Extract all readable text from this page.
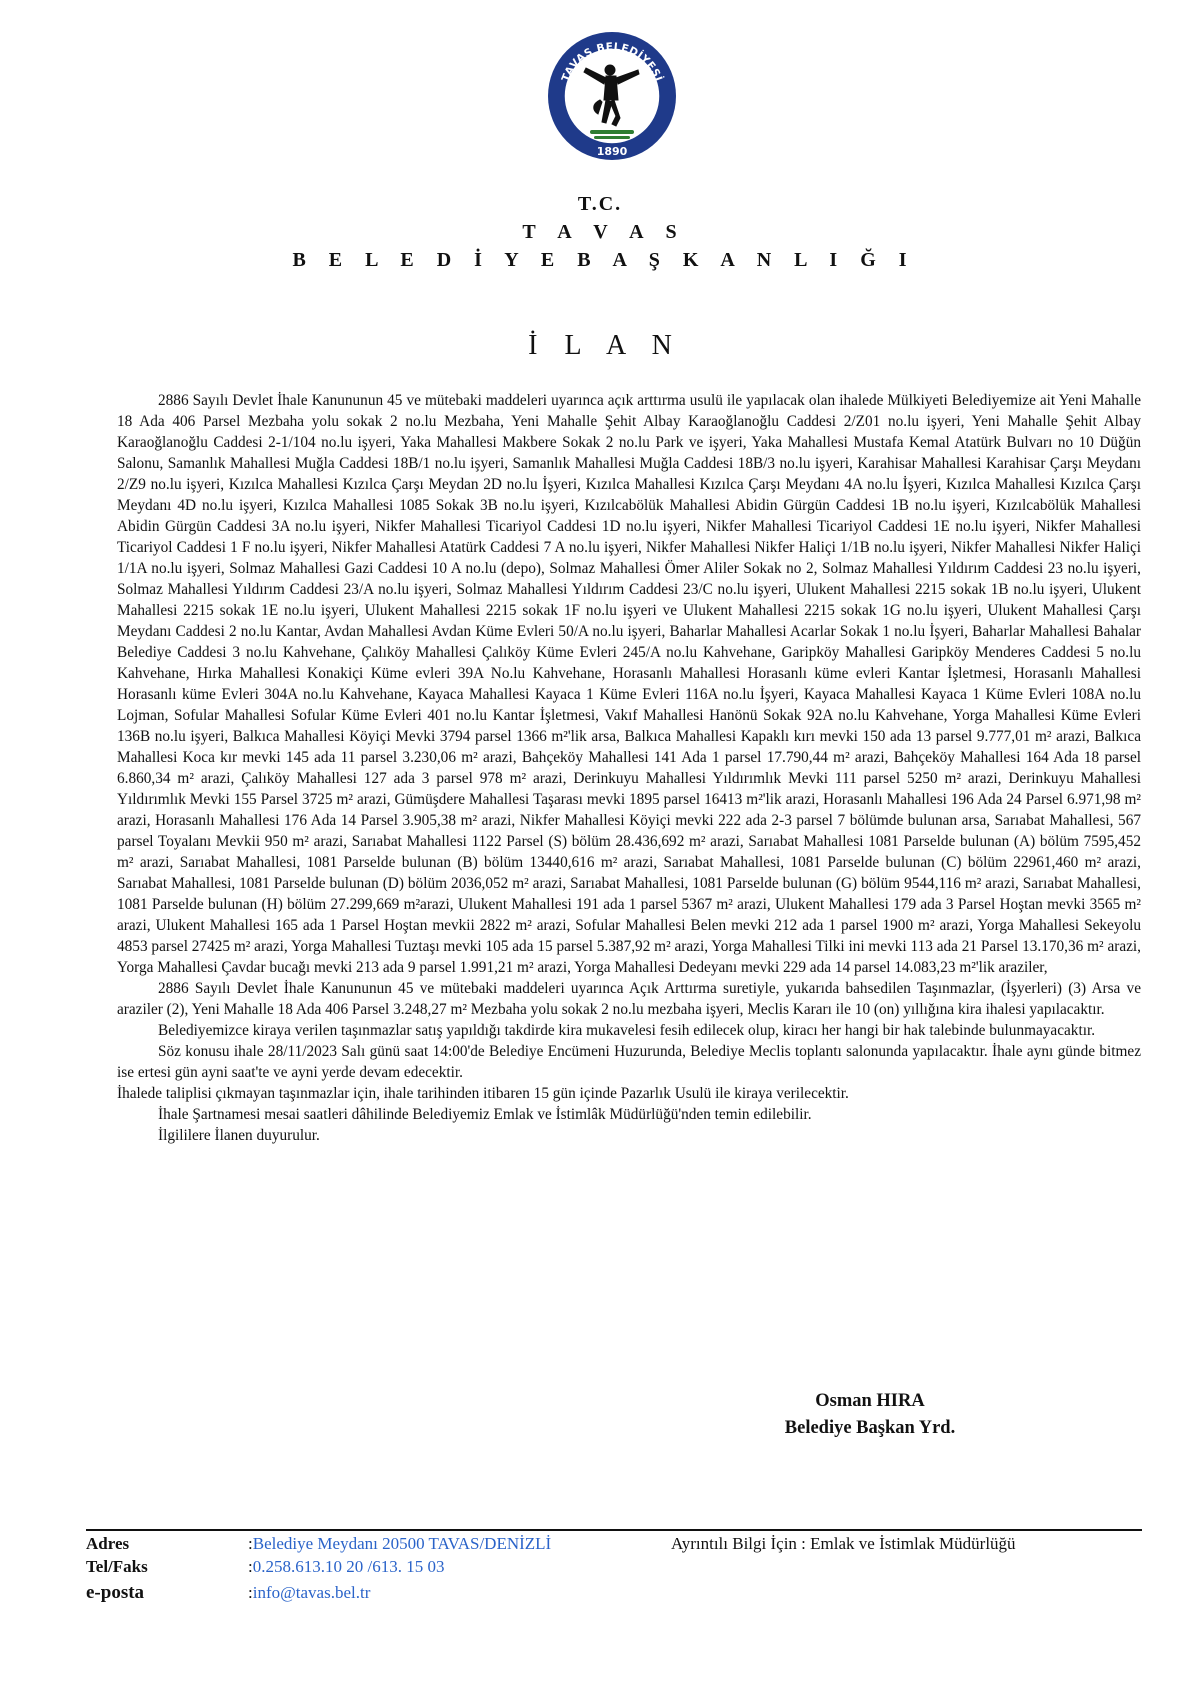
TAVAS BELEDİYESİ
1890
T.C.
T A V A S
B E L E D İ Y E B A Ş K A N L I Ğ I
İ L A N

2886 Sayılı Devlet İhale Kanununun 45 ve mütebaki maddeleri uyarınca açık arttırma usulü ile yapılacak olan ihalede Mülkiyeti Belediyemize ait Yeni Mahalle 18 Ada 406 Parsel Mezbaha yolu sokak 2 no.lu Mezbaha, Yeni Mahalle Şehit Albay Karaoğlanoğlu Caddesi 2/Z01 no.lu işyeri, Yeni Mahalle Şehit Albay Karaoğlanoğlu Caddesi 2-1/104 no.lu işyeri, Yaka Mahallesi Makbere Sokak 2 no.lu Park ve işyeri, Yaka Mahallesi Mustafa Kemal Atatürk Bulvarı no 10 Düğün Salonu, Samanlık Mahallesi Muğla Caddesi 18B/1 no.lu işyeri, Samanlık Mahallesi Muğla Caddesi 18B/3 no.lu işyeri, Karahisar Mahallesi Karahisar Çarşı Meydanı 2/Z9 no.lu işyeri, Kızılca Mahallesi Kızılca Çarşı Meydan 2D no.lu İşyeri, Kızılca Mahallesi Kızılca Çarşı Meydanı 4A no.lu İşyeri, Kızılca Mahallesi Kızılca Çarşı Meydanı 4D no.lu işyeri, Kızılca Mahallesi 1085 Sokak 3B no.lu işyeri, Kızılcabölük Mahallesi Abidin Gürgün Caddesi 1B no.lu işyeri, Kızılcabölük Mahallesi Abidin Gürgün Caddesi 3A no.lu işyeri, Nikfer Mahallesi Ticariyol Caddesi 1D no.lu işyeri, Nikfer Mahallesi Ticariyol Caddesi 1E no.lu işyeri, Nikfer Mahallesi Ticariyol Caddesi 1 F no.lu işyeri, Nikfer Mahallesi Atatürk Caddesi 7 A no.lu işyeri, Nikfer Mahallesi Nikfer Haliçi 1/1B no.lu işyeri, Nikfer Mahallesi Nikfer Haliçi 1/1A no.lu işyeri, Solmaz Mahallesi Gazi Caddesi 10 A no.lu (depo), Solmaz Mahallesi Ömer Aliler Sokak no 2, Solmaz Mahallesi Yıldırım Caddesi 23 no.lu işyeri, Solmaz Mahallesi Yıldırım Caddesi 23/A no.lu işyeri, Solmaz Mahallesi Yıldırım Caddesi 23/C no.lu işyeri, Ulukent Mahallesi 2215 sokak 1B no.lu işyeri, Ulukent Mahallesi 2215 sokak 1E no.lu işyeri, Ulukent Mahallesi 2215 sokak 1F no.lu işyeri ve Ulukent Mahallesi 2215 sokak 1G no.lu işyeri, Ulukent Mahallesi Çarşı Meydanı Caddesi 2 no.lu Kantar, Avdan Mahallesi Avdan Küme Evleri 50/A no.lu işyeri, Baharlar Mahallesi Acarlar Sokak 1 no.lu İşyeri, Baharlar Mahallesi Bahalar Belediye Caddesi 3 no.lu Kahvehane, Çalıköy Mahallesi Çalıköy Küme Evleri 245/A no.lu Kahvehane, Garipköy Mahallesi Garipköy Menderes Caddesi 5 no.lu Kahvehane, Hırka Mahallesi Konakiçi Küme evleri 39A No.lu Kahvehane, Horasanlı Mahallesi Horasanlı küme evleri Kantar İşletmesi, Horasanlı Mahallesi Horasanlı küme Evleri 304A no.lu Kahvehane, Kayaca Mahallesi Kayaca 1 Küme Evleri 116A no.lu İşyeri, Kayaca Mahallesi Kayaca 1 Küme Evleri 108A no.lu Lojman, Sofular Mahallesi Sofular Küme Evleri 401 no.lu Kantar İşletmesi, Vakıf Mahallesi Hanönü Sokak 92A no.lu Kahvehane, Yorga Mahallesi Küme Evleri 136B no.lu işyeri, Balkıca Mahallesi Köyiçi Mevki 3794 parsel 1366 m²'lik arsa, Balkıca Mahallesi Kapaklı kırı mevki 150 ada 13 parsel 9.777,01 m² arazi, Balkıca Mahallesi Koca kır mevki 145 ada 11 parsel 3.230,06 m² arazi, Bahçeköy Mahallesi 141 Ada 1 parsel 17.790,44 m² arazi, Bahçeköy Mahallesi 164 Ada 18 parsel 6.860,34 m² arazi, Çalıköy Mahallesi 127 ada 3 parsel 978 m² arazi, Derinkuyu Mahallesi Yıldırımlık Mevki 111 parsel 5250 m² arazi, Derinkuyu Mahallesi Yıldırımlık Mevki 155 Parsel 3725 m² arazi, Gümüşdere Mahallesi Taşarası mevki 1895 parsel 16413 m²'lik arazi, Horasanlı Mahallesi 196 Ada 24 Parsel 6.971,98 m² arazi, Horasanlı Mahallesi 176 Ada 14 Parsel 3.905,38 m² arazi, Nikfer Mahallesi Köyiçi mevki 222 ada 2-3 parsel 7 bölümde bulunan arsa, Sarıabat Mahallesi, 567 parsel Toyalanı Mevkii 950 m² arazi, Sarıabat Mahallesi 1122 Parsel (S) bölüm 28.436,692 m² arazi, Sarıabat Mahallesi 1081 Parselde bulunan (A) bölüm 7595,452 m² arazi, Sarıabat Mahallesi, 1081 Parselde bulunan (B) bölüm 13440,616 m² arazi, Sarıabat Mahallesi, 1081 Parselde bulunan (C) bölüm 22961,460 m² arazi, Sarıabat Mahallesi, 1081 Parselde bulunan (D) bölüm 2036,052 m² arazi, Sarıabat Mahallesi, 1081 Parselde bulunan (G) bölüm 9544,116 m² arazi, Sarıabat Mahallesi, 1081 Parselde bulunan (H) bölüm 27.299,669 m²arazi, Ulukent Mahallesi 191 ada 1 parsel 5367 m² arazi, Ulukent Mahallesi 179 ada 3 Parsel Hoştan mevki 3565 m² arazi, Ulukent Mahallesi 165 ada 1 Parsel Hoştan mevkii 2822 m² arazi, Sofular Mahallesi Belen mevki 212 ada 1 parsel 1900 m² arazi, Yorga Mahallesi Sekeyolu 4853 parsel 27425 m² arazi, Yorga Mahallesi Tuztaşı mevki 105 ada 15 parsel 5.387,92 m² arazi, Yorga Mahallesi Tilki ini mevki 113 ada 21 Parsel 13.170,36 m² arazi, Yorga Mahallesi Çavdar bucağı mevki 213 ada 9 parsel 1.991,21 m² arazi, Yorga Mahallesi Dedeyanı mevki 229 ada 14 parsel 14.083,23 m²'lik araziler,

2886 Sayılı Devlet İhale Kanununun 45 ve mütebaki maddeleri uyarınca Açık Arttırma suretiyle, yukarıda bahsedilen Taşınmazlar, (İşyerleri) (3) Arsa ve araziler (2), Yeni Mahalle 18 Ada 406 Parsel 3.248,27 m² Mezbaha yolu sokak 2 no.lu mezbaha işyeri, Meclis Kararı ile 10 (on) yıllığına kira ihalesi yapılacaktır.

Belediyemizce kiraya verilen taşınmazlar satış yapıldığı takdirde kira mukavelesi fesih edilecek olup, kiracı her hangi bir hak talebinde bulunmayacaktır.

Söz konusu ihale 28/11/2023 Salı günü saat 14:00'de Belediye Encümeni Huzurunda, Belediye Meclis toplantı salonunda yapılacaktır. İhale aynı günde bitmez ise ertesi gün ayni saat'te ve ayni yerde devam edecektir.

İhalede taliplisi çıkmayan taşınmazlar için, ihale tarihinden itibaren 15 gün içinde Pazarlık Usulü ile kiraya verilecektir.

İhale Şartnamesi mesai saatleri dâhilinde Belediyemiz Emlak ve İstimlâk Müdürlüğü'nden temin edilebilir.

İlgililere İlanen duyurulur.

Osman HIRA
Belediye Başkan Yrd.
Adres	:Belediye Meydanı 20500 TAVAS/DENİZLİ
Tel/Faks	:0.258.613.10 20 /613. 15 03
e-posta	:info@tavas.bel.tr
Ayrıntılı Bilgi İçin : Emlak ve İstimlak Müdürlüğü
